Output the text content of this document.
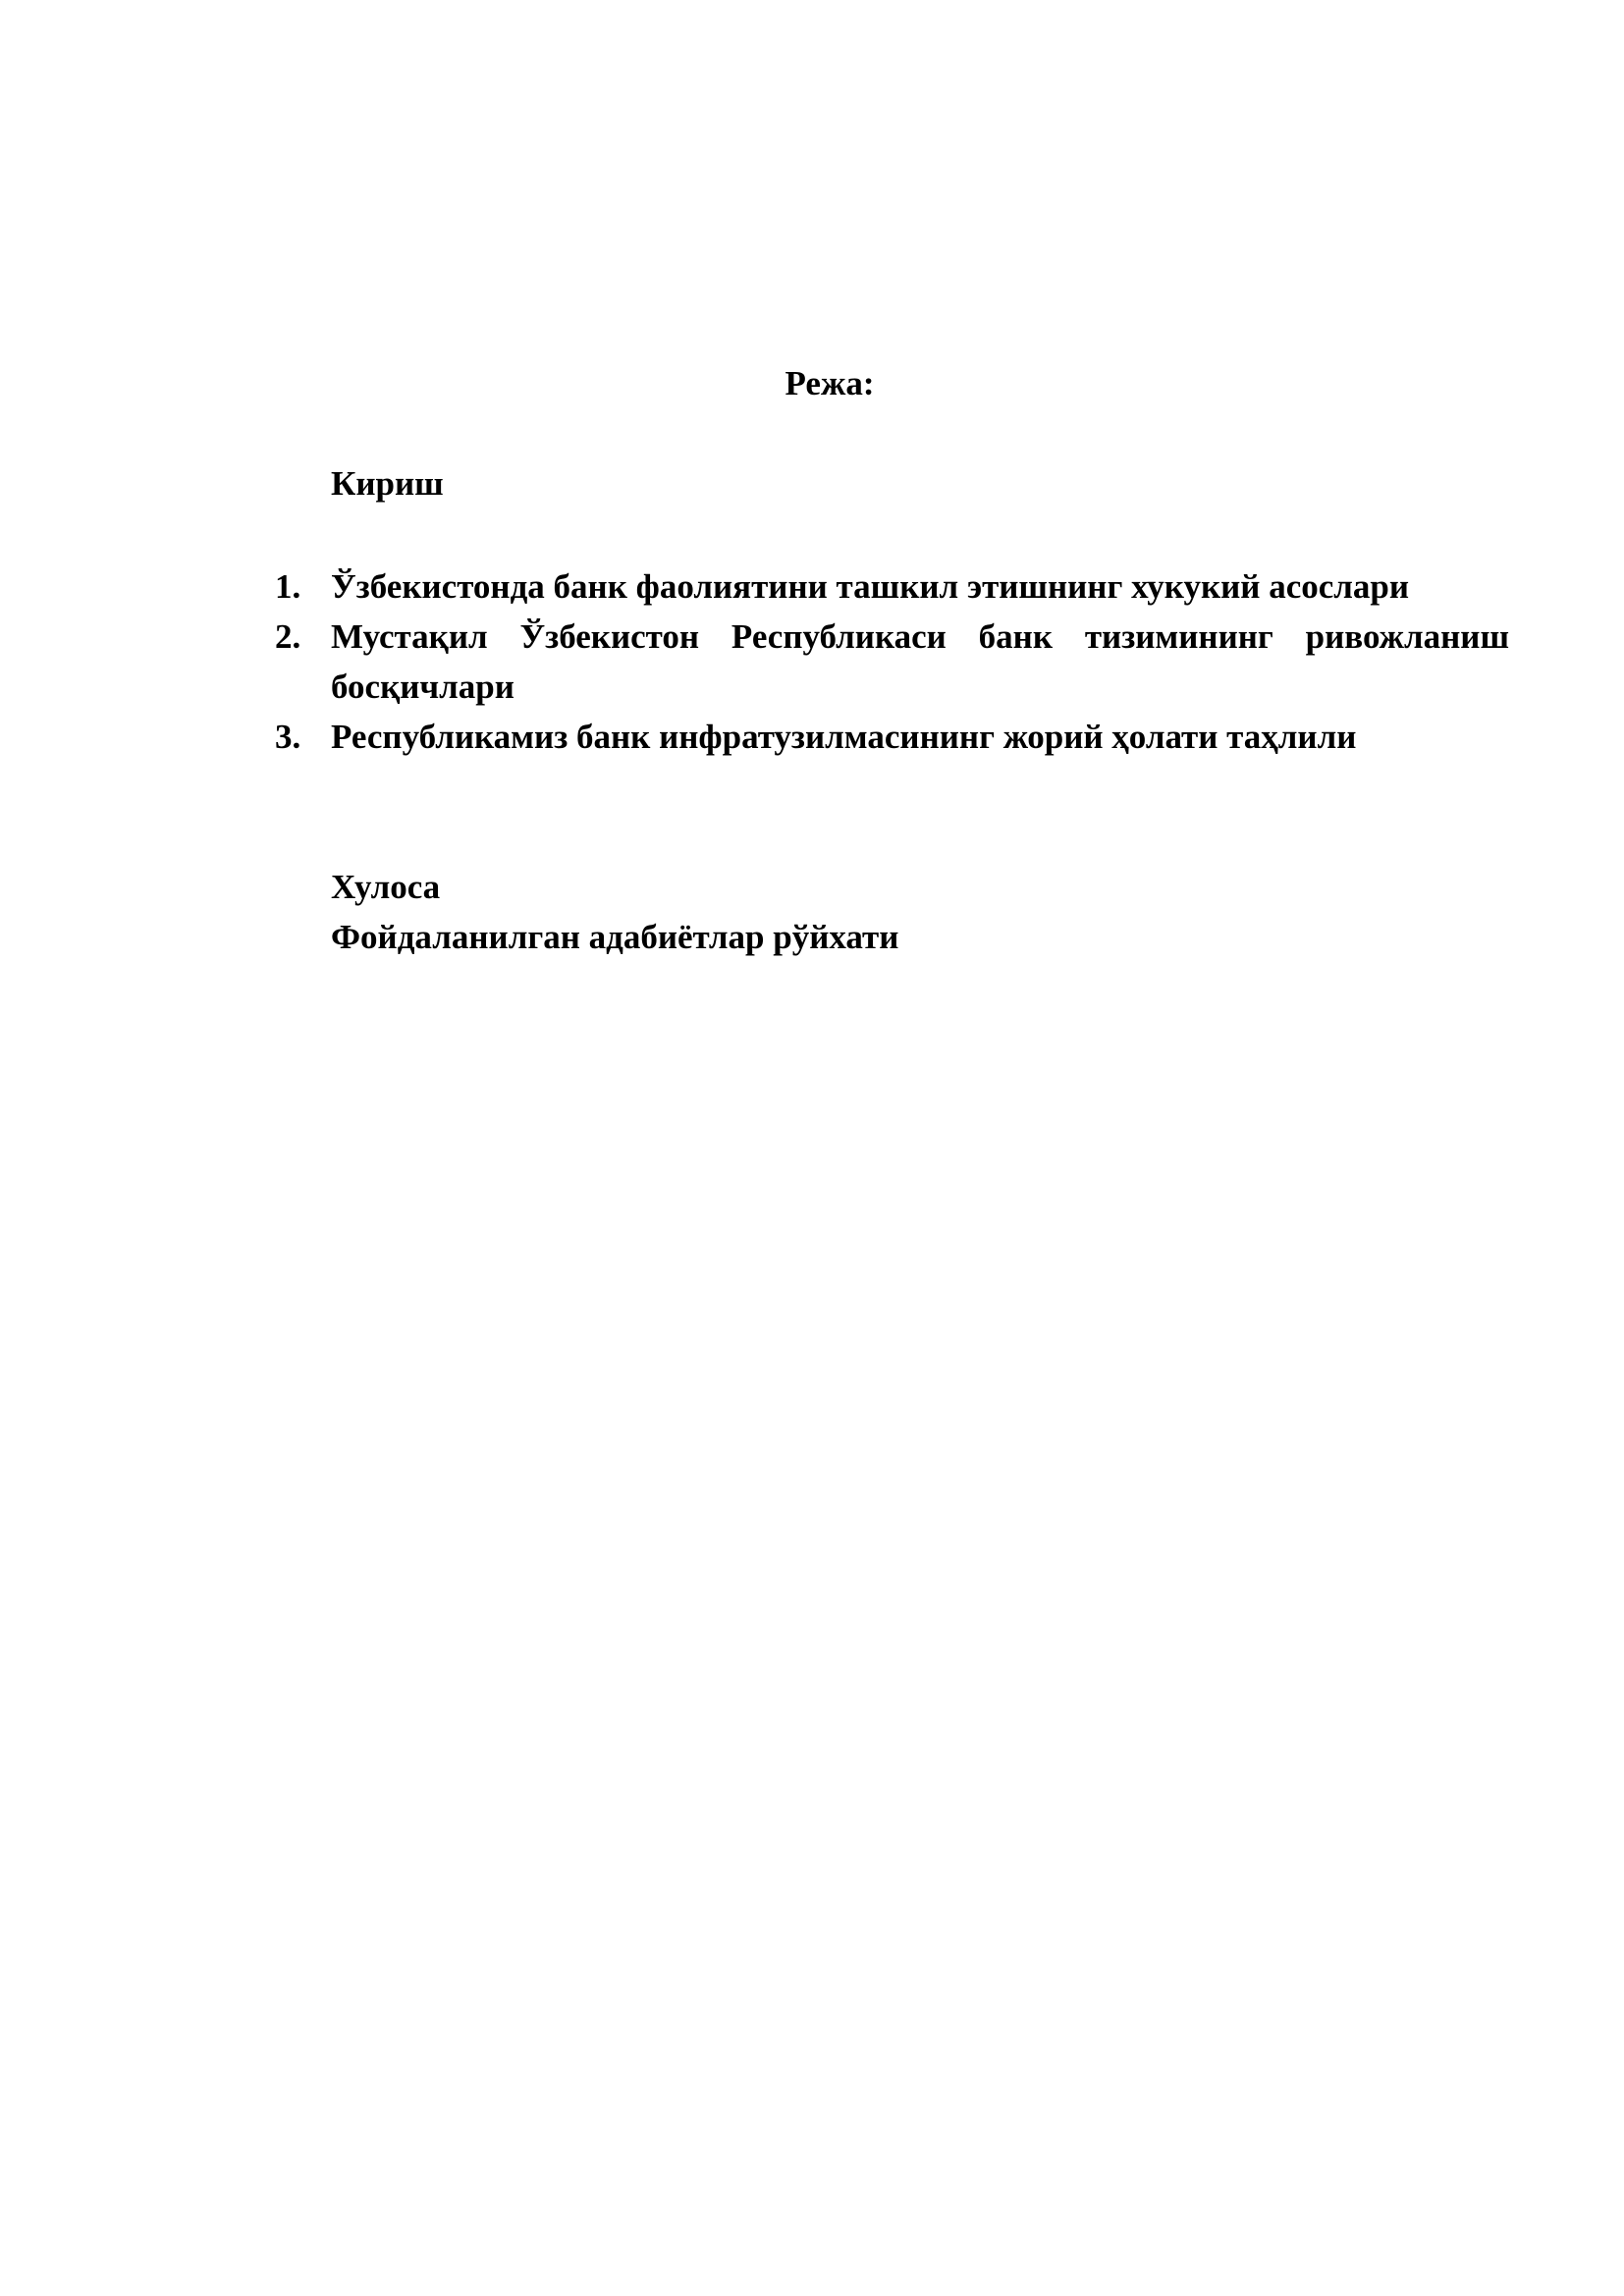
Режа:
Кириш
1. Ўзбекистонда банк фаолиятини ташкил этишнинг хукукий асослари
2. Мустақил Ўзбекистон Республикаси банк тизимининг ривожланиш босқичлари
3. Республикамиз банк инфратузилмасининг жорий ҳолати таҳлили
Хулоса
Фойдаланилган адабиётлар рўйхати
